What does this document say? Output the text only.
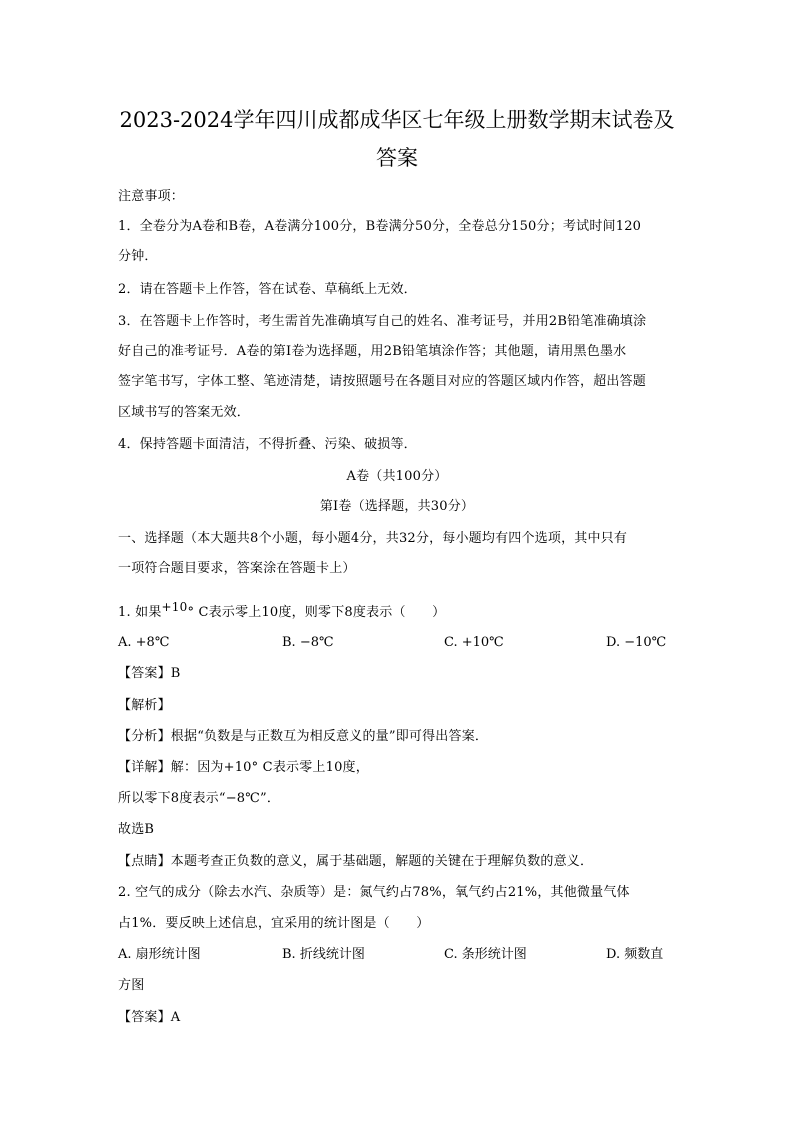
2023-2024学年四川成都成华区七年级上册数学期末试卷及
答案
注意事项：
1．全卷分为A卷和B卷，A卷满分100分，B卷满分50分，全卷总分150分；考试时间120
分钟．
2．请在答题卡上作答，答在试卷、草稿纸上无效．
3．在答题卡上作答时，考生需首先准确填写自己的姓名、准考证号，并用2B铅笔准确填涂
好自己的准考证号．A卷的第Ⅰ卷为选择题，用2B铅笔填涂作答；其他题，请用黑色墨水
签字笔书写，字体工整、笔迹清楚，请按照题号在各题目对应的答题区域内作答，超出答题
区域书写的答案无效．
4．保持答题卡面清洁，不得折叠、污染、破损等．
A卷（共100分）
第Ⅰ卷（选择题，共30分）
一、选择题（本大题共8个小题，每小题4分，共32分，每小题均有四个选项，其中只有
一项符合题目要求，答案涂在答题卡上）
1. 如果+10° C表示零上10度，则零下8度表示（　　）
A. +8℃	B. −8℃	C. +10℃	D. −10℃
【答案】B
【解析】
【分析】根据“负数是与正数互为相反意义的量”即可得出答案．
【详解】解：因为+10° C表示零上10度，
所以零下8度表示“−8℃”．
故选B
【点睛】本题考查正负数的意义，属于基础题，解题的关键在于理解负数的意义．
2. 空气的成分（除去水汽、杂质等）是：氮气约占78%，氧气约占21%，其他微量气体
占1%．要反映上述信息，宜采用的统计图是（　　）
A. 扇形统计图	B. 折线统计图	C. 条形统计图	D. 频数直
方图
【答案】A
